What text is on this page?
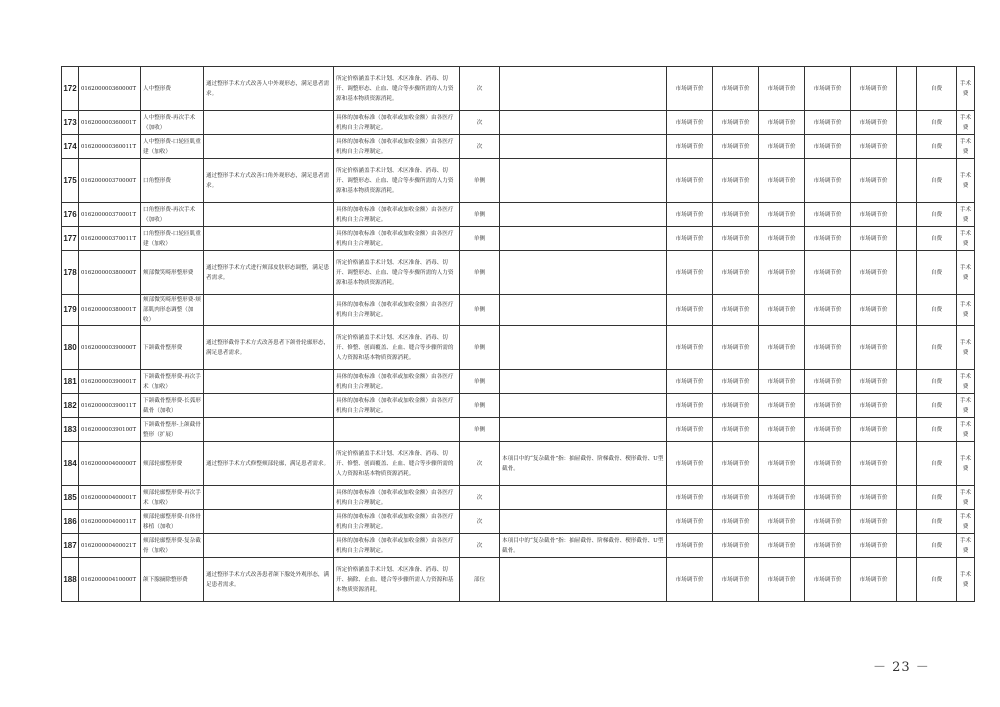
172	016200000360000T	人中整形费	通过整形手术方式改善人中外观形态，满足患者需求。	所定价格涵盖手术计划、术区准备、消毒、切开、调整形态、止血、缝合等步骤所需的人力资源和基本物质资源消耗。	次		市场调节价	市场调节价	市场调节价	市场调节价	市场调节价		自费	手术费
173	016200000360001T	人中整形费-再次手术（加收）		具体的加收标准（加收率或加收金额）由各医疗机构自主合理制定。	次		市场调节价	市场调节价	市场调节价	市场调节价	市场调节价		自费	手术费
174	016200000360011T	人中整形费-口轮匝肌重建（加收）		具体的加收标准（加收率或加收金额）由各医疗机构自主合理制定。	次		市场调节价	市场调节价	市场调节价	市场调节价	市场调节价		自费	手术费
175	016200000370000T	口角整形费	通过整形手术方式改善口角外观形态，满足患者需求。	所定价格涵盖手术计划、术区准备、消毒、切开、调整形态、止血、缝合等步骤所需的人力资源和基本物质资源消耗。	单侧		市场调节价	市场调节价	市场调节价	市场调节价	市场调节价		自费	手术费
176	016200000370001T	口角整形费-再次手术（加收）		具体的加收标准（加收率或加收金额）由各医疗机构自主合理制定。	单侧		市场调节价	市场调节价	市场调节价	市场调节价	市场调节价		自费	手术费
177	016200000370011T	口角整形费-口轮匝肌重建（加收）		具体的加收标准（加收率或加收金额）由各医疗机构自主合理制定。	单侧		市场调节价	市场调节价	市场调节价	市场调节价	市场调节价		自费	手术费
178	016200000380000T	颊部微笑畸形整形费	通过整形手术方式进行颊部皮肤形态调整，满足患者需求。	所定价格涵盖手术计划、术区准备、消毒、切开、调整形态、止血、缝合等步骤所需的人力资源和基本物质资源消耗。	单侧		市场调节价	市场调节价	市场调节价	市场调节价	市场调节价		自费	手术费
179	016200000380001T	颊部微笑畸形整形费-颊部肌肉形态调整（加收）		具体的加收标准（加收率或加收金额）由各医疗机构自主合理制定。	单侧		市场调节价	市场调节价	市场调节价	市场调节价	市场调节价		自费	手术费
180	016200000390000T	下颌截骨整形费	通过整形截骨手术方式改善患者下颌骨轮廓形态，满足患者需求。	所定价格涵盖手术计划、术区准备、消毒、切开、修整、创面覆盖、止血、缝合等步骤所需的人力资源和基本物质资源消耗。	单侧		市场调节价	市场调节价	市场调节价	市场调节价	市场调节价		自费	手术费
181	016200000390001T	下颌截骨整形费-再次手术（加收）		具体的加收标准（加收率或加收金额）由各医疗机构自主合理制定。	单侧		市场调节价	市场调节价	市场调节价	市场调节价	市场调节价		自费	手术费
182	016200000390011T	下颌截骨整形费-长弧形截骨（加收）		具体的加收标准（加收率或加收金额）由各医疗机构自主合理制定。	单侧		市场调节价	市场调节价	市场调节价	市场调节价	市场调节价		自费	手术费
183	016200000390100T	下颌截骨整形-上颌截骨整形（扩展）			单侧		市场调节价	市场调节价	市场调节价	市场调节价	市场调节价		自费	手术费
184	016200000400000T	颏部轮廓整形费	通过整形手术方式修整颏部轮廓，满足患者需求。	所定价格涵盖手术计划、术区准备、消毒、切开、修整、创面覆盖、止血、缝合等步骤所需的人力资源和基本物质资源消耗。	次	本项目中的“复杂截骨”指：抽屉截骨、阶梯截骨、楔形截骨、U型截骨。	市场调节价	市场调节价	市场调节价	市场调节价	市场调节价		自费	手术费
185	016200000400001T	颏部轮廓整形费-再次手术（加收）		具体的加收标准（加收率或加收金额）由各医疗机构自主合理制定。	次		市场调节价	市场调节价	市场调节价	市场调节价	市场调节价		自费	手术费
186	016200000400011T	颏部轮廓整形费-自体骨移植（加收）		具体的加收标准（加收率或加收金额）由各医疗机构自主合理制定。	次		市场调节价	市场调节价	市场调节价	市场调节价	市场调节价		自费	手术费
187	016200000400021T	颏部轮廓整形费-复杂截骨（加收）		具体的加收标准（加收率或加收金额）由各医疗机构自主合理制定。	次	本项目中的“复杂截骨”指：抽屉截骨、阶梯截骨、楔形截骨、U型截骨。	市场调节价	市场调节价	市场调节价	市场调节价	市场调节价		自费	手术费
188	016200000410000T	颌下腺摘除整形费	通过整形手术方式改善患者颌下腺处外观形态，满足患者需求。	所定价格涵盖手术计划、术区准备、消毒、切开、摘除、止血、缝合等步骤所需人力资源和基本物质资源消耗。	部位		市场调节价	市场调节价	市场调节价	市场调节价	市场调节价		自费	手术费
－ 23 －
